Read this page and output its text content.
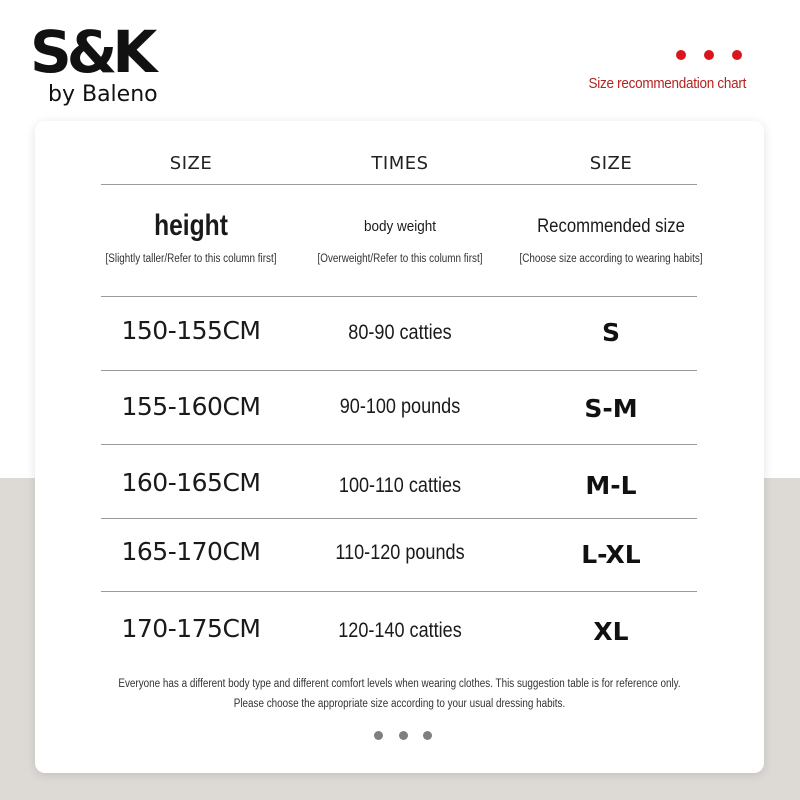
S&K
by Baleno	Size recommendation chart
SIZE	TIMES	SIZE
height	body weight	Recommended size
[Slightly taller/Refer to this column first]	[Overweight/Refer to this column first]	[Choose size according to wearing habits]
150-155CM	80-90 catties	S
155-160CM	90-100 pounds	S-M
160-165CM	100-110 catties	M-L
165-170CM	110-120 pounds	L-XL
170-175CM	120-140 catties	XL
Everyone has a different body type and different comfort levels when wearing clothes. This suggestion table is for reference only.
Please choose the appropriate size according to your usual dressing habits.
